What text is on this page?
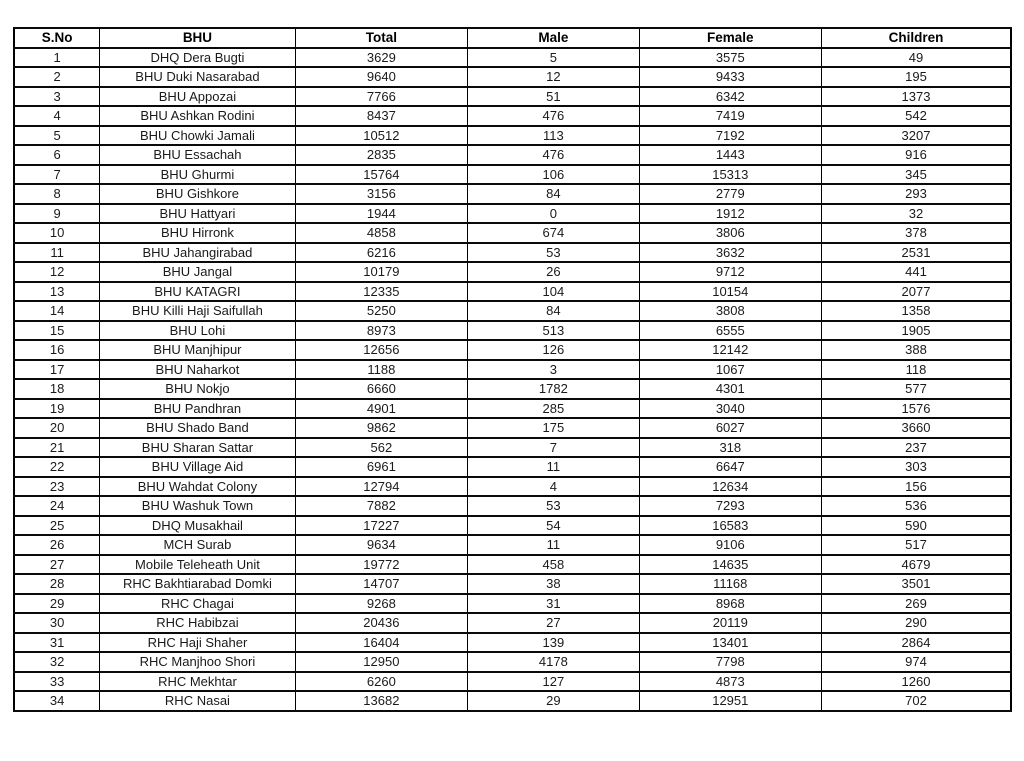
S.No	BHU	Total	Male	Female	Children
1	DHQ Dera Bugti	3629	5	3575	49
2	BHU Duki Nasarabad	9640	12	9433	195
3	BHU Appozai	7766	51	6342	1373
4	BHU Ashkan Rodini	8437	476	7419	542
5	BHU Chowki Jamali	10512	113	7192	3207
6	BHU Essachah	2835	476	1443	916
7	BHU Ghurmi	15764	106	15313	345
8	BHU Gishkore	3156	84	2779	293
9	BHU Hattyari	1944	0	1912	32
10	BHU Hirronk	4858	674	3806	378
11	BHU Jahangirabad	6216	53	3632	2531
12	BHU Jangal	10179	26	9712	441
13	BHU KATAGRI	12335	104	10154	2077
14	BHU Killi Haji Saifullah	5250	84	3808	1358
15	BHU Lohi	8973	513	6555	1905
16	BHU Manjhipur	12656	126	12142	388
17	BHU Naharkot	1188	3	1067	118
18	BHU Nokjo	6660	1782	4301	577
19	BHU Pandhran	4901	285	3040	1576
20	BHU Shado Band	9862	175	6027	3660
21	BHU Sharan Sattar	562	7	318	237
22	BHU Village Aid	6961	11	6647	303
23	BHU Wahdat Colony	12794	4	12634	156
24	BHU Washuk Town	7882	53	7293	536
25	DHQ Musakhail	17227	54	16583	590
26	MCH Surab	9634	11	9106	517
27	Mobile Teleheath Unit	19772	458	14635	4679
28	RHC Bakhtiarabad Domki	14707	38	11168	3501
29	RHC Chagai	9268	31	8968	269
30	RHC Habibzai	20436	27	20119	290
31	RHC Haji Shaher	16404	139	13401	2864
32	RHC Manjhoo Shori	12950	4178	7798	974
33	RHC Mekhtar	6260	127	4873	1260
34	RHC Nasai	13682	29	12951	702
